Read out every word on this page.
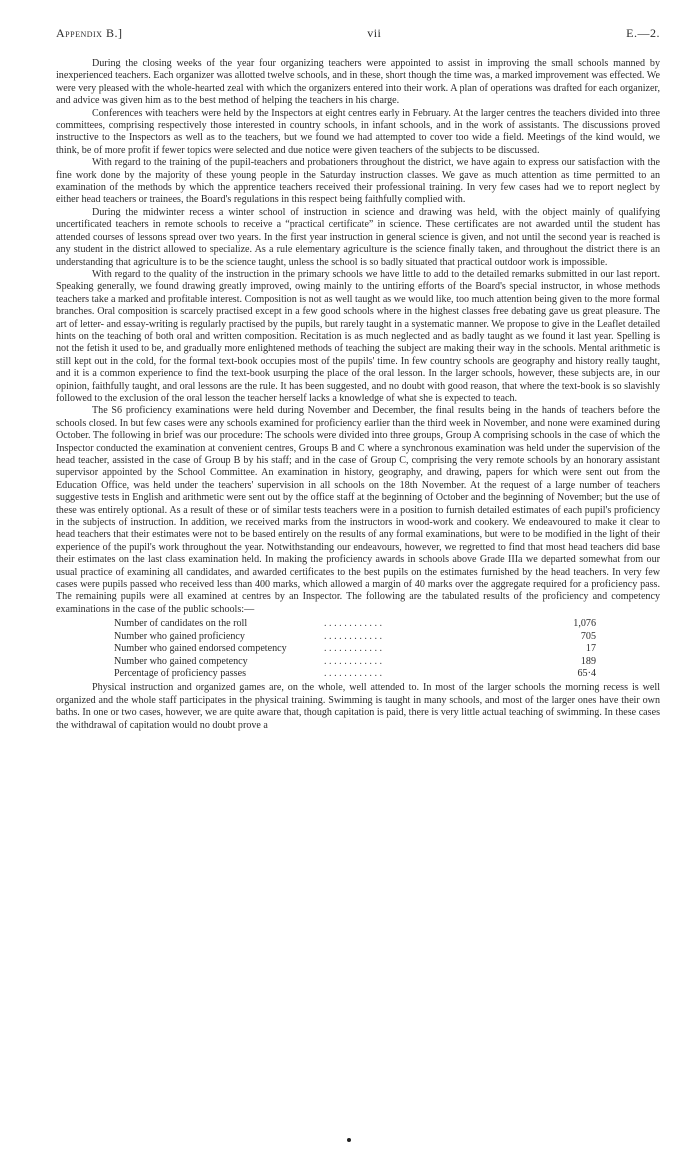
Appendix B.]	vii	E.—2.

During the closing weeks of the year four organizing teachers were appointed to assist in improving the small schools manned by inexperienced teachers. Each organizer was allotted twelve schools, and in these, short though the time was, a marked improvement was effected. We were very pleased with the whole-hearted zeal with which the organizers entered into their work. A plan of operations was drafted for each organizer, and advice was given him as to the best method of helping the teachers in his charge.

Conferences with teachers were held by the Inspectors at eight centres early in February. At the larger centres the teachers divided into three committees, comprising respectively those interested in country schools, in infant schools, and in the work of assistants. The discussions proved instructive to the Inspectors as well as to the teachers, but we found we had attempted to cover too wide a field. Meetings of the kind would, we think, be of more profit if fewer topics were selected and due notice were given teachers of the subjects to be discussed.

With regard to the training of the pupil-teachers and probationers throughout the district, we have again to express our satisfaction with the fine work done by the majority of these young people in the Saturday instruction classes. We gave as much attention as time permitted to an examination of the methods by which the apprentice teachers received their professional training. In very few cases had we to report neglect by either head teachers or trainees, the Board's regulations in this respect being faithfully complied with.

During the midwinter recess a winter school of instruction in science and drawing was held, with the object mainly of qualifying uncertificated teachers in remote schools to receive a “practical certificate” in science. These certificates are not awarded until the student has attended courses of lessons spread over two years. In the first year instruction in general science is given, and not until the second year is reached is any student in the district allowed to specialize. As a rule elementary agriculture is the science finally taken, and throughout the district there is an understanding that agriculture is to be the science taught, unless the school is so badly situated that practical outdoor work is impossible.

With regard to the quality of the instruction in the primary schools we have little to add to the detailed remarks submitted in our last report. Speaking generally, we found drawing greatly improved, owing mainly to the untiring efforts of the Board's special instructor, in whose methods teachers take a marked and profitable interest. Composition is not as well taught as we would like, too much attention being given to the more formal branches. Oral composition is scarcely practised except in a few good schools where in the highest classes free debating gave us great pleasure. The art of letter- and essay-writing is regularly practised by the pupils, but rarely taught in a systematic manner. We propose to give in the Leaflet detailed hints on the teaching of both oral and written composition. Recitation is as much neglected and as badly taught as we found it last year. Spelling is not the fetish it used to be, and gradually more enlightened methods of teaching the subject are making their way in the schools. Mental arithmetic is still kept out in the cold, for the formal text-book occupies most of the pupils' time. In few country schools are geography and history really taught, and it is a common experience to find the text-book usurping the place of the oral lesson. In the larger schools, however, these subjects are, in our opinion, faithfully taught, and oral lessons are the rule. It has been suggested, and no doubt with good reason, that where the text-book is so slavishly followed to the exclusion of the oral lesson the teacher herself lacks a knowledge of what she is expected to teach.

The S6 proficiency examinations were held during November and December, the final results being in the hands of teachers before the schools closed. In but few cases were any schools examined for proficiency earlier than the third week in November, and none were examined during October. The following in brief was our procedure: The schools were divided into three groups, Group A comprising schools in the case of which the Inspector conducted the examination at convenient centres, Groups B and C where a synchronous examination was held under the supervision of the head teacher, assisted in the case of Group B by his staff; and in the case of Group C, comprising the very remote schools by an honorary assistant supervisor appointed by the School Committee. An examination in history, geography, and drawing, papers for which were sent out from the Education Office, was held under the teachers' supervision in all schools on the 18th November. At the request of a large number of teachers suggestive tests in English and arithmetic were sent out by the office staff at the beginning of October and the beginning of November; but the use of these was entirely optional. As a result of these or of similar tests teachers were in a position to furnish detailed estimates of each pupil's proficiency in the subjects of instruction. In addition, we received marks from the instructors in wood-work and cookery. We endeavoured to make it clear to head teachers that their estimates were not to be based entirely on the results of any formal examinations, but were to be modified in the light of their experience of the pupil's work throughout the year. Notwithstanding our endeavours, however, we regretted to find that most head teachers did base their estimates on the last class examination held. In making the proficiency awards in schools above Grade IIIa we departed somewhat from our usual practice of examining all candidates, and awarded certificates to the best pupils on the estimates furnished by the head teachers. In very few cases were pupils passed who received less than 400 marks, which allowed a margin of 40 marks over the aggregate required for a proficiency pass. The remaining pupils were all examined at centres by an Inspector. The following are the tabulated results of the proficiency and competency examinations in the case of the public schools:—

Number of candidates on the roll	. . . . . . . . . . . .	1,076
Number who gained proficiency	. . . . . . . . . . . .	705
Number who gained endorsed competency	. . . . . . . . . . . .	17
Number who gained competency	. . . . . . . . . . . .	189
Percentage of proficiency passes	. . . . . . . . . . . .	65·4

Physical instruction and organized games are, on the whole, well attended to. In most of the larger schools the morning recess is well organized and the whole staff participates in the physical training. Swimming is taught in many schools, and most of the larger ones have their own baths. In one or two cases, however, we are quite aware that, though capitation is paid, there is very little actual teaching of swimming. In these cases the withdrawal of capitation would no doubt prove a
